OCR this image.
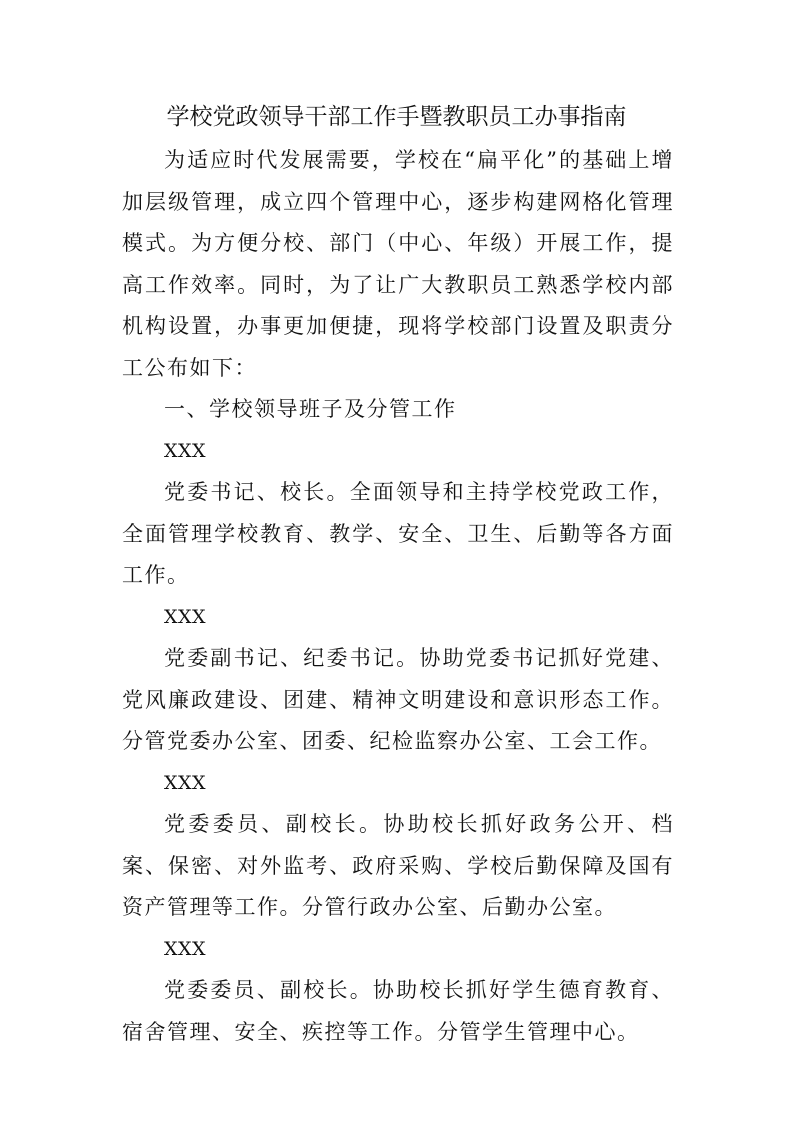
学校党政领导干部工作手暨教职员工办事指南

为适应时代发展需要，学校在“扁平化”的基础上增加层级管理，成立四个管理中心，逐步构建网格化管理模式。为方便分校、部门（中心、年级）开展工作，提高工作效率。同时，为了让广大教职员工熟悉学校内部机构设置，办事更加便捷，现将学校部门设置及职责分工公布如下：

一、学校领导班子及分管工作

XXX

党委书记、校长。全面领导和主持学校党政工作，全面管理学校教育、教学、安全、卫生、后勤等各方面工作。

XXX

党委副书记、纪委书记。协助党委书记抓好党建、党风廉政建设、团建、精神文明建设和意识形态工作。分管党委办公室、团委、纪检监察办公室、工会工作。

XXX

党委委员、副校长。协助校长抓好政务公开、档案、保密、对外监考、政府采购、学校后勤保障及国有资产管理等工作。分管行政办公室、后勤办公室。

XXX

党委委员、副校长。协助校长抓好学生德育教育、宿舍管理、安全、疾控等工作。分管学生管理中心。
